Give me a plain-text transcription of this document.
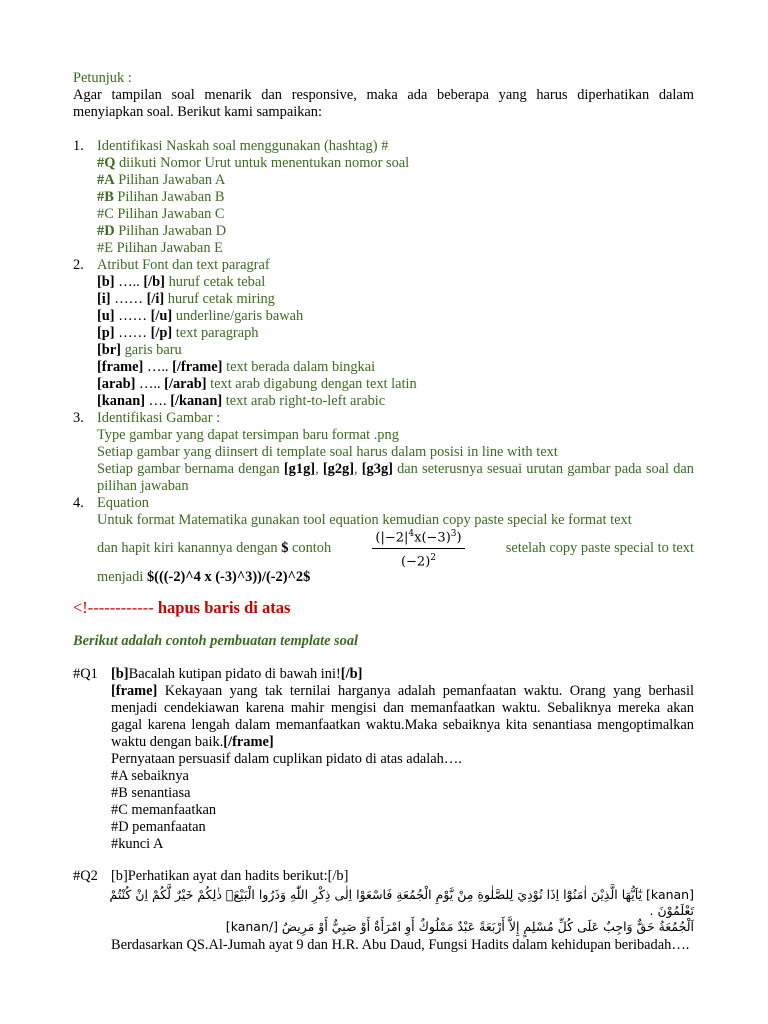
Petunjuk :
Agar tampilan soal menarik dan responsive, maka ada beberapa yang harus diperhatikan dalam menyiapkan soal. Berikut kami sampaikan:
1. Identifikasi Naskah soal menggunakan (hashtag) #
#Q diikuti Nomor Urut untuk menentukan nomor soal
#A Pilihan Jawaban A
#B Pilihan Jawaban B
#C Pilihan Jawaban C
#D Pilihan Jawaban D
#E Pilihan Jawaban E
2. Atribut Font dan text paragraf
[b] ….. [/b] huruf cetak tebal
[i] …… [/i] huruf cetak miring
[u] …… [/u] underline/garis bawah
[p] …… [/p] text paragraph
[br] garis baru
[frame] ….. [/frame] text berada dalam bingkai
[arab] ….. [/arab] text arab digabung dengan text latin
[kanan] …. [/kanan] text arab right-to-left arabic
3. Identifikasi Gambar :
Type gambar yang dapat tersimpan baru format .png
Setiap gambar yang diinsert di template soal harus dalam posisi in line with text
Setiap gambar bernama dengan [g1g], [g2g], [g3g] dan seterusnya sesuai urutan gambar pada soal dan pilihan jawaban
4. Equation
Untuk format Matematika gunakan tool equation kemudian copy paste special ke format text
dan hapit kiri kanannya dengan $ contoh	$\frac{(|-2|^4x(-3)^3)}{(-2)^2}$	setelah copy paste special to text
menjadi $(((-2)^4 x (-3)^3))/(-2)^2$
<!------------ hapus baris di atas
Berikut adalah contoh pembuatan template soal
#Q1 [b]Bacalah kutipan pidato di bawah ini![/b]
[frame] Kekayaan yang tak ternilai harganya adalah pemanfaatan waktu. Orang yang berhasil menjadi cendekiawan karena mahir mengisi dan memanfaatkan waktu. Sebaliknya mereka akan gagal karena lengah dalam memanfaatkan waktu.Maka sebaiknya kita senantiasa mengoptimalkan waktu dengan baik.[/frame]
Pernyataan persuasif dalam cuplikan pidato di atas adalah….
#A sebaiknya
#B senantiasa
#C memanfaatkan
#D pemanfaatan
#kunci A
#Q2 [b]Perhatikan ayat dan hadits berikut:[/b]
[kanan] يٰٓاَيُّهَا الَّذِيْنَ اٰمَنُوْٓا اِذَا نُوْدِيَ لِلصَّلٰوةِ مِنْ يَّوْمِ الْجُمُعَةِ فَاسْعَوْا اِلٰى ذِكْرِ اللّٰهِ وَذَرُوا الْبَيْعَۗ ذٰلِكُمْ خَيْرٌ لَّكُمْ اِنْ كُنْتُمْ تَعْلَمُوْنَ .
اَلْجُمُعَةُ حَقٌّ وَاجِبٌ عَلَى كُلِّ مُسْلِمٍ إِلاَّ أَرْبَعَةً عَبْدٌ مَمْلُوكٌ أَوِ امْرَأَةٌ أَوْ صَبِيٌّ أَوْ مَرِيضٌ [/kanan]
Berdasarkan QS.Al-Jumah ayat 9 dan H.R. Abu Daud, Fungsi Hadits dalam kehidupan beribadah….
